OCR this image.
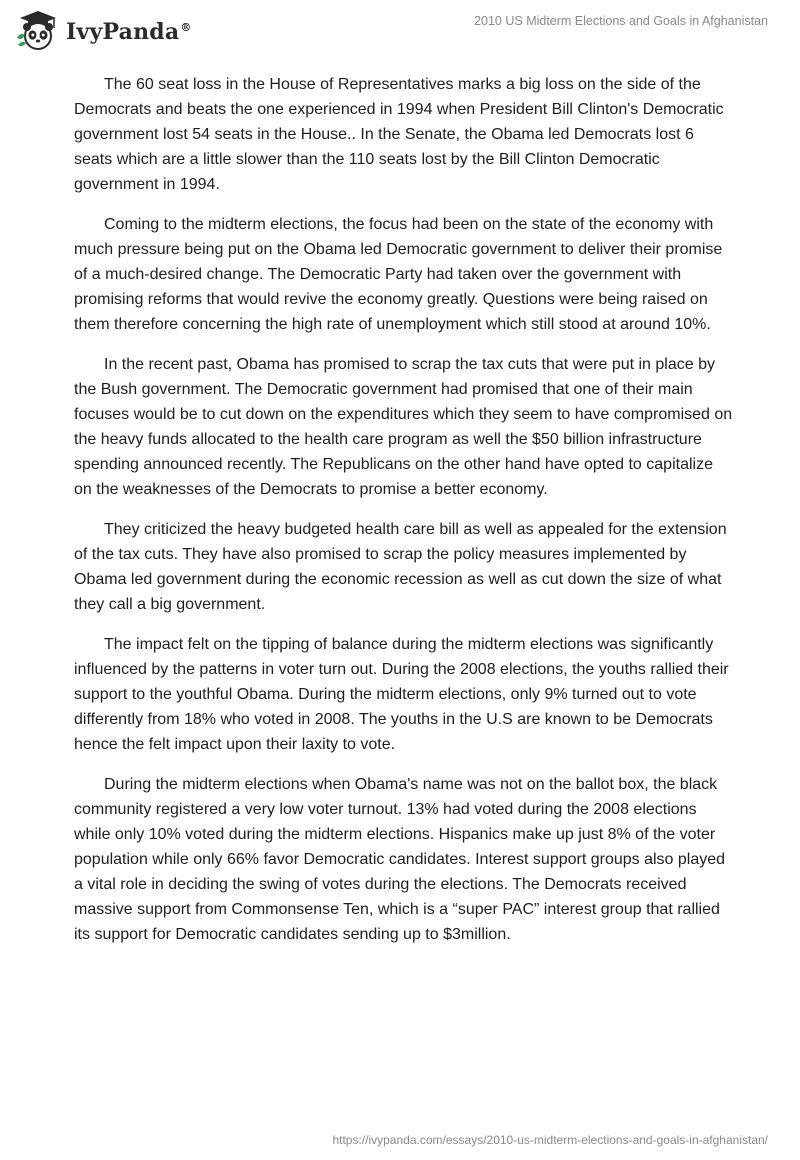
IvyPanda®	2010 US Midterm Elections and Goals in Afghanistan

The 60 seat loss in the House of Representatives marks a big loss on the side of the Democrats and beats the one experienced in 1994 when President Bill Clinton's Democratic government lost 54 seats in the House.. In the Senate, the Obama led Democrats lost 6 seats which are a little slower than the 110 seats lost by the Bill Clinton Democratic government in 1994.

Coming to the midterm elections, the focus had been on the state of the economy with much pressure being put on the Obama led Democratic government to deliver their promise of a much-desired change. The Democratic Party had taken over the government with promising reforms that would revive the economy greatly. Questions were being raised on them therefore concerning the high rate of unemployment which still stood at around 10%.

In the recent past, Obama has promised to scrap the tax cuts that were put in place by the Bush government. The Democratic government had promised that one of their main focuses would be to cut down on the expenditures which they seem to have compromised on the heavy funds allocated to the health care program as well the $50 billion infrastructure spending announced recently. The Republicans on the other hand have opted to capitalize on the weaknesses of the Democrats to promise a better economy.

They criticized the heavy budgeted health care bill as well as appealed for the extension of the tax cuts. They have also promised to scrap the policy measures implemented by Obama led government during the economic recession as well as cut down the size of what they call a big government.

The impact felt on the tipping of balance during the midterm elections was significantly influenced by the patterns in voter turn out. During the 2008 elections, the youths rallied their support to the youthful Obama. During the midterm elections, only 9% turned out to vote differently from 18% who voted in 2008. The youths in the U.S are known to be Democrats hence the felt impact upon their laxity to vote.

During the midterm elections when Obama's name was not on the ballot box, the black community registered a very low voter turnout. 13% had voted during the 2008 elections while only 10% voted during the midterm elections. Hispanics make up just 8% of the voter population while only 66% favor Democratic candidates. Interest support groups also played a vital role in deciding the swing of votes during the elections. The Democrats received massive support from Commonsense Ten, which is a “super PAC” interest group that rallied its support for Democratic candidates sending up to $3million.

https://ivypanda.com/essays/2010-us-midterm-elections-and-goals-in-afghanistan/
